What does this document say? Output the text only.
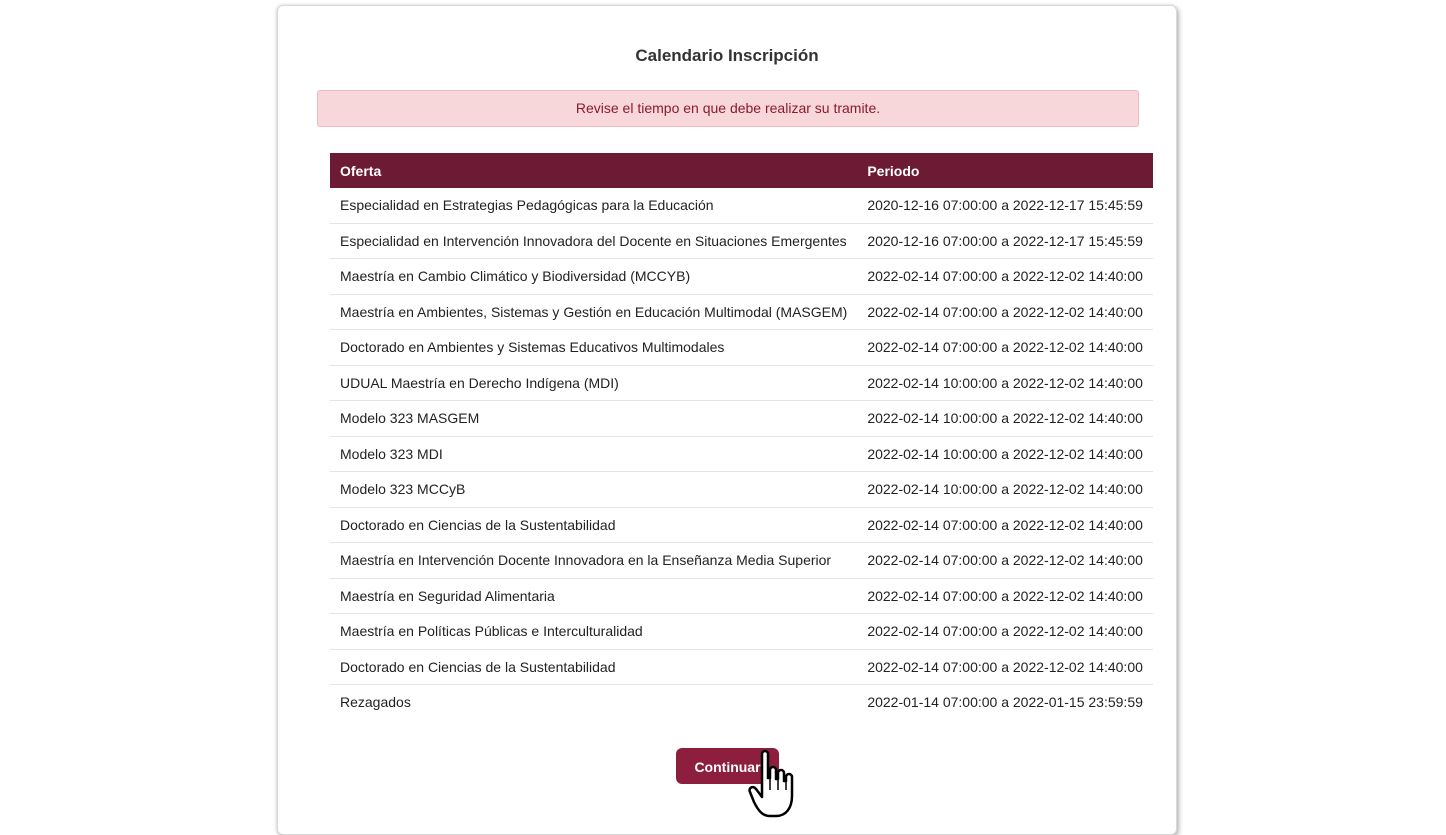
Calendario Inscripción
Revise el tiempo en que debe realizar su tramite.
Oferta	Periodo
Especialidad en Estrategias Pedagógicas para la Educación	2020-12-16 07:00:00 a 2022-12-17 15:45:59
Especialidad en Intervención Innovadora del Docente en Situaciones Emergentes	2020-12-16 07:00:00 a 2022-12-17 15:45:59
Maestría en Cambio Climático y Biodiversidad (MCCYB)	2022-02-14 07:00:00 a 2022-12-02 14:40:00
Maestría en Ambientes, Sistemas y Gestión en Educación Multimodal (MASGEM)	2022-02-14 07:00:00 a 2022-12-02 14:40:00
Doctorado en Ambientes y Sistemas Educativos Multimodales	2022-02-14 07:00:00 a 2022-12-02 14:40:00
UDUAL Maestría en Derecho Indígena (MDI)	2022-02-14 10:00:00 a 2022-12-02 14:40:00
Modelo 323 MASGEM	2022-02-14 10:00:00 a 2022-12-02 14:40:00
Modelo 323 MDI	2022-02-14 10:00:00 a 2022-12-02 14:40:00
Modelo 323 MCCyB	2022-02-14 10:00:00 a 2022-12-02 14:40:00
Doctorado en Ciencias de la Sustentabilidad	2022-02-14 07:00:00 a 2022-12-02 14:40:00
Maestría en Intervención Docente Innovadora en la Enseñanza Media Superior	2022-02-14 07:00:00 a 2022-12-02 14:40:00
Maestría en Seguridad Alimentaria	2022-02-14 07:00:00 a 2022-12-02 14:40:00
Maestría en Políticas Públicas e Interculturalidad	2022-02-14 07:00:00 a 2022-12-02 14:40:00
Doctorado en Ciencias de la Sustentabilidad	2022-02-14 07:00:00 a 2022-12-02 14:40:00
Rezagados	2022-01-14 07:00:00 a 2022-01-15 23:59:59
Continuar
